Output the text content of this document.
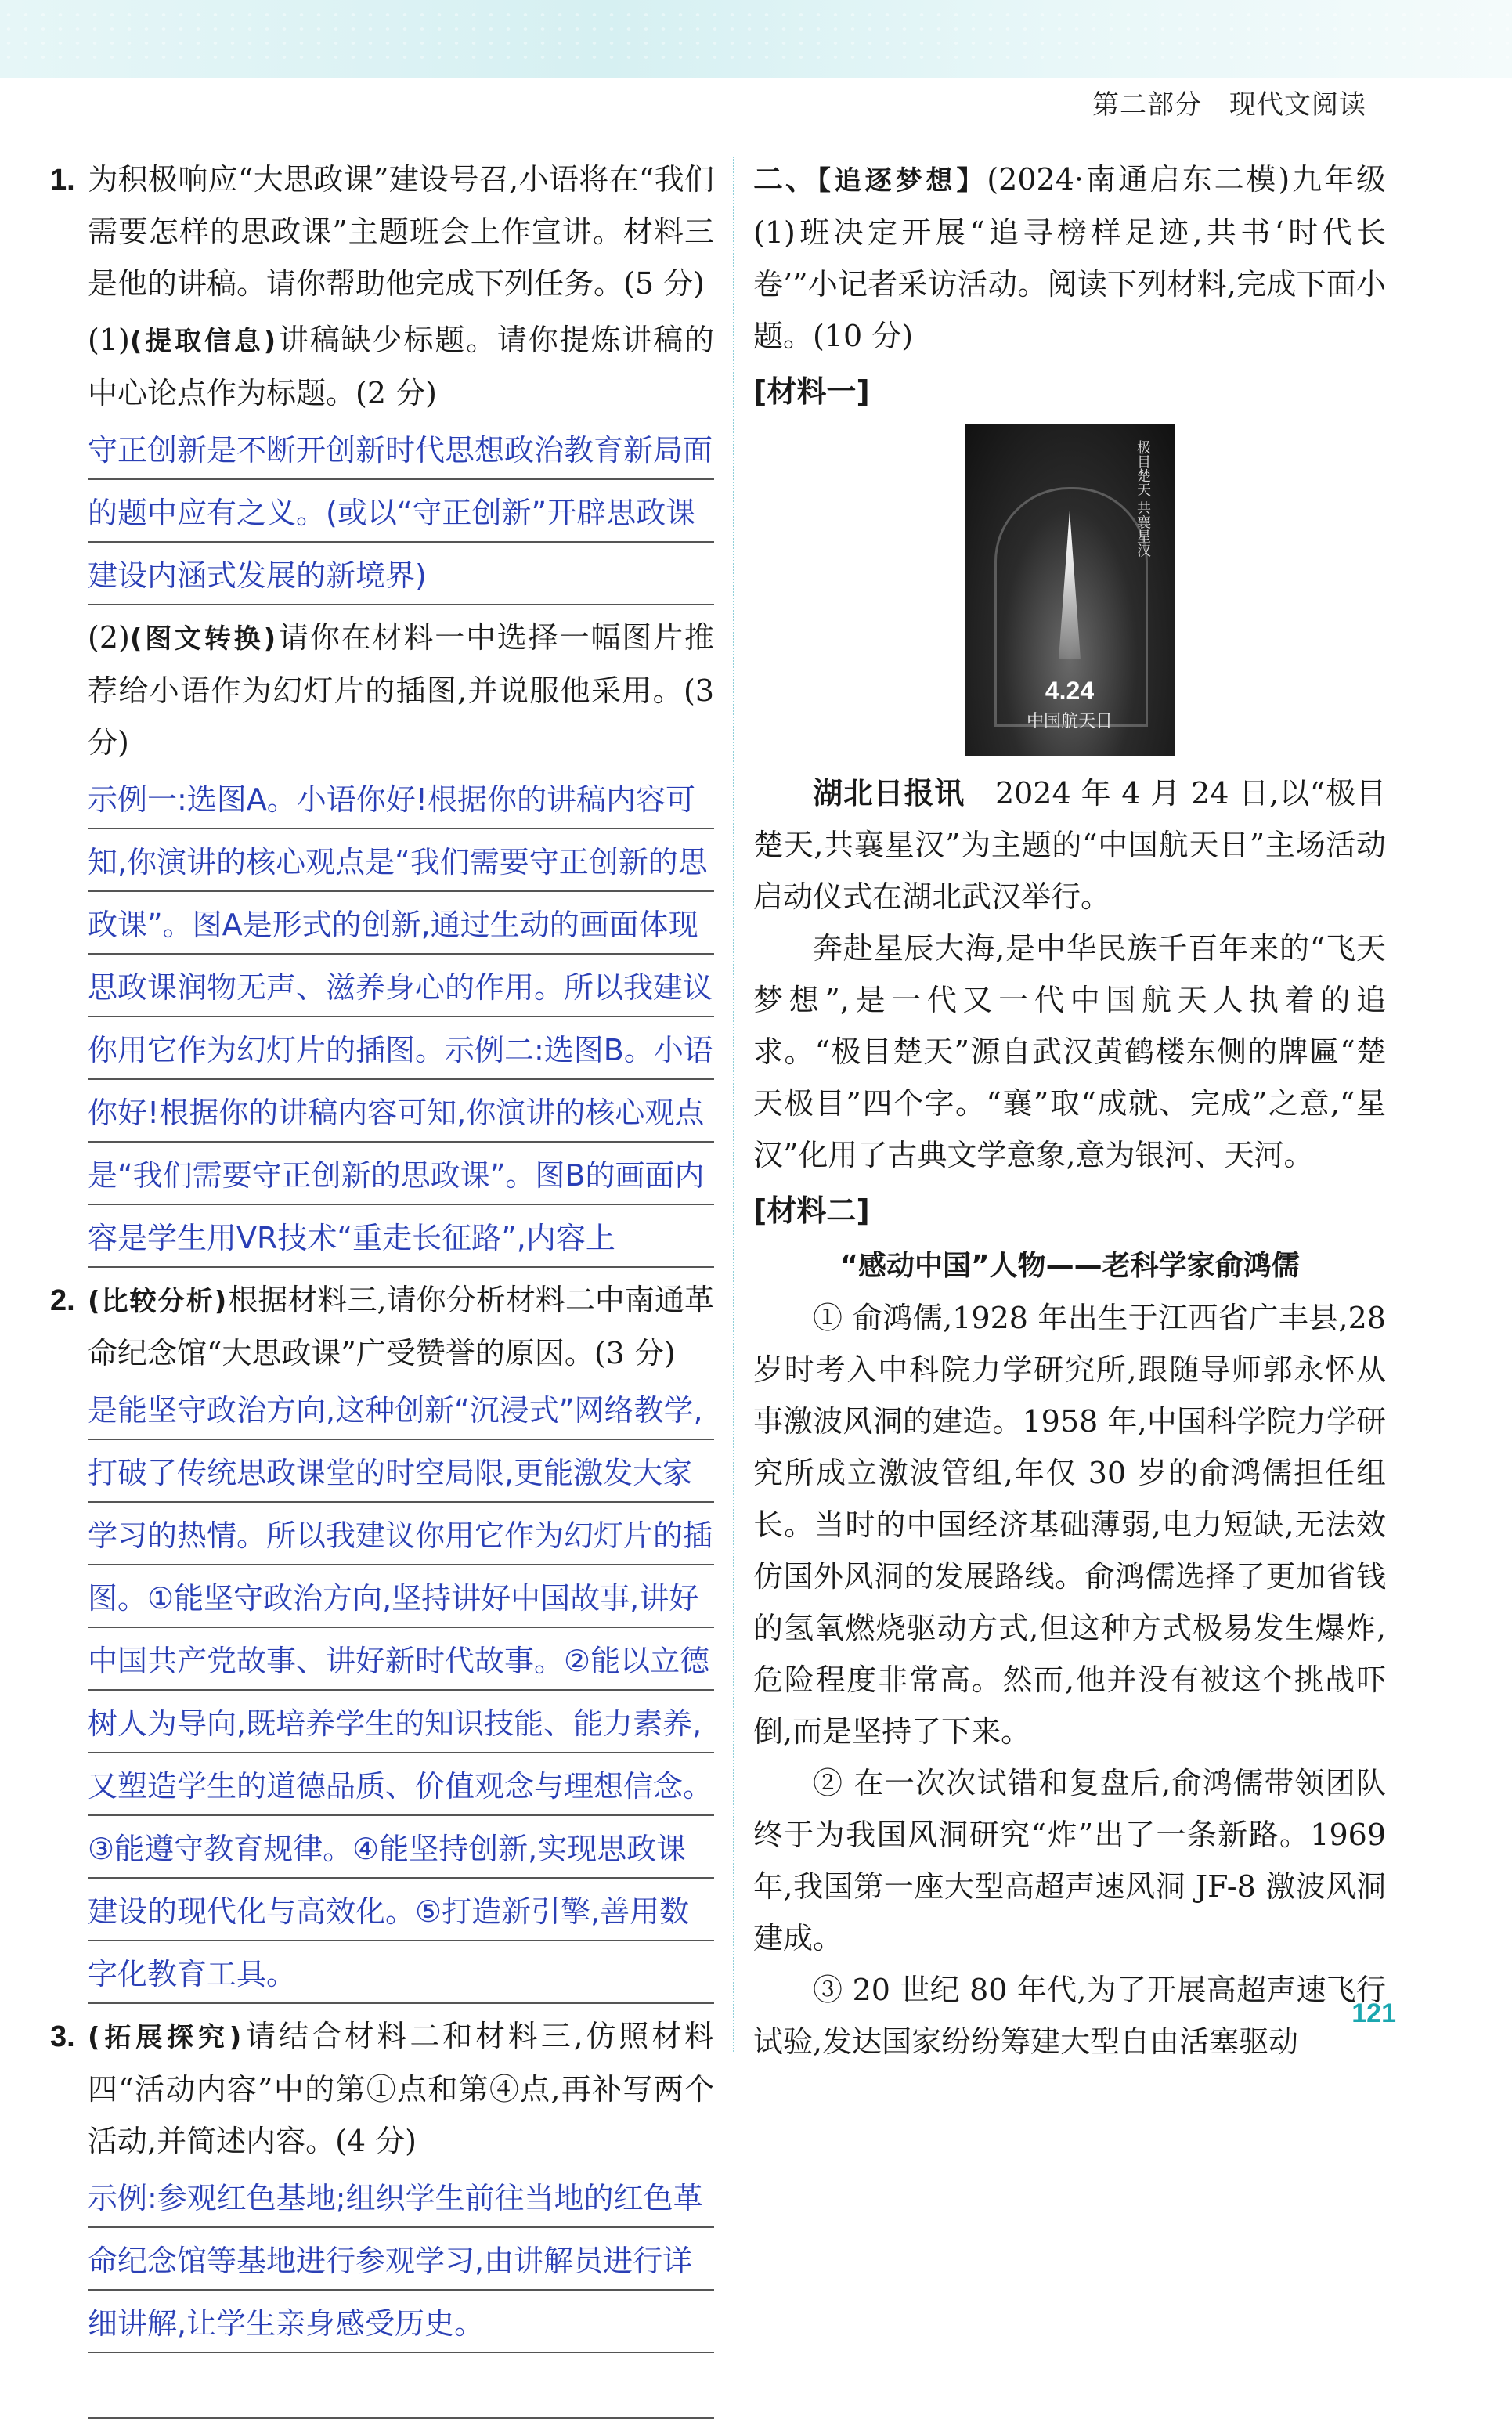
第二部分　现代文阅读

1. 为积极响应“大思政课”建设号召,小语将在“我们需要怎样的思政课”主题班会上作宣讲。材料三是他的讲稿。请你帮助他完成下列任务。(5 分)

(1)(提取信息)讲稿缺少标题。请你提炼讲稿的中心论点作为标题。(2 分)

守正创新是不断开创新时代思想政治教育新局面的题中应有之义。(或以“守正创新”开辟思政课建设内涵式发展的新境界)

(2)(图文转换)请你在材料一中选择一幅图片推荐给小语作为幻灯片的插图,并说服他采用。(3 分)

示例一:选图A。小语你好!根据你的讲稿内容可知,你演讲的核心观点是“我们需要守正创新的思政课”。图A是形式的创新,通过生动的画面体现思政课润物无声、滋养身心的作用。所以我建议你用它作为幻灯片的插图。示例二:选图B。小语你好!根据你的讲稿内容可知,你演讲的核心观点是“我们需要守正创新的思政课”。图B的画面内容是学生用VR技术“重走长征路”,内容上

2. (比较分析)根据材料三,请你分析材料二中南通革命纪念馆“大思政课”广受赞誉的原因。(3 分)

是能坚守政治方向,这种创新“沉浸式”网络教学,打破了传统思政课堂的时空局限,更能激发大家学习的热情。所以我建议你用它作为幻灯片的插图。①能坚守政治方向,坚持讲好中国故事,讲好中国共产党故事、讲好新时代故事。②能以立德树人为导向,既培养学生的知识技能、能力素养,又塑造学生的道德品质、价值观念与理想信念。③能遵守教育规律。④能坚持创新,实现思政课建设的现代化与高效化。⑤打造新引擎,善用数字化教育工具。

3. (拓展探究)请结合材料二和材料三,仿照材料四“活动内容”中的第①点和第④点,再补写两个活动,并简述内容。(4 分)

示例:参观红色基地;组织学生前往当地的红色革命纪念馆等基地进行参观学习,由讲解员进行详细讲解,让学生亲身感受历史。

二、【追逐梦想】(2024·南通启东二模)九年级(1)班决定开展“追寻榜样足迹,共书‘时代长卷’”小记者采访活动。阅读下列材料,完成下面小题。(10 分)

[材料一]
极目楚天 共襄星汉
4.24
中国航天日

湖北日报讯　 2024 年 4 月 24 日,以“极目楚天,共襄星汉”为主题的“中国航天日”主场活动启动仪式在湖北武汉举行。

奔赴星辰大海,是中华民族千百年来的“飞天梦想”,是一代又一代中国航天人执着的追求。“极目楚天”源自武汉黄鹤楼东侧的牌匾“楚天极目”四个字。“襄”取“成就、完成”之意,“星汉”化用了古典文学意象,意为银河、天河。

[材料二]

“感动中国”人物——老科学家俞鸿儒

① 俞鸿儒,1928 年出生于江西省广丰县,28 岁时考入中科院力学研究所,跟随导师郭永怀从事激波风洞的建造。1958 年,中国科学院力学研究所成立激波管组,年仅 30 岁的俞鸿儒担任组长。当时的中国经济基础薄弱,电力短缺,无法效仿国外风洞的发展路线。俞鸿儒选择了更加省钱的氢氧燃烧驱动方式,但这种方式极易发生爆炸,危险程度非常高。然而,他并没有被这个挑战吓倒,而是坚持了下来。

② 在一次次试错和复盘后,俞鸿儒带领团队终于为我国风洞研究“炸”出了一条新路。1969 年,我国第一座大型高超声速风洞 JF-8 激波风洞建成。

③ 20 世纪 80 年代,为了开展高超声速飞行试验,发达国家纷纷筹建大型自由活塞驱动

121
